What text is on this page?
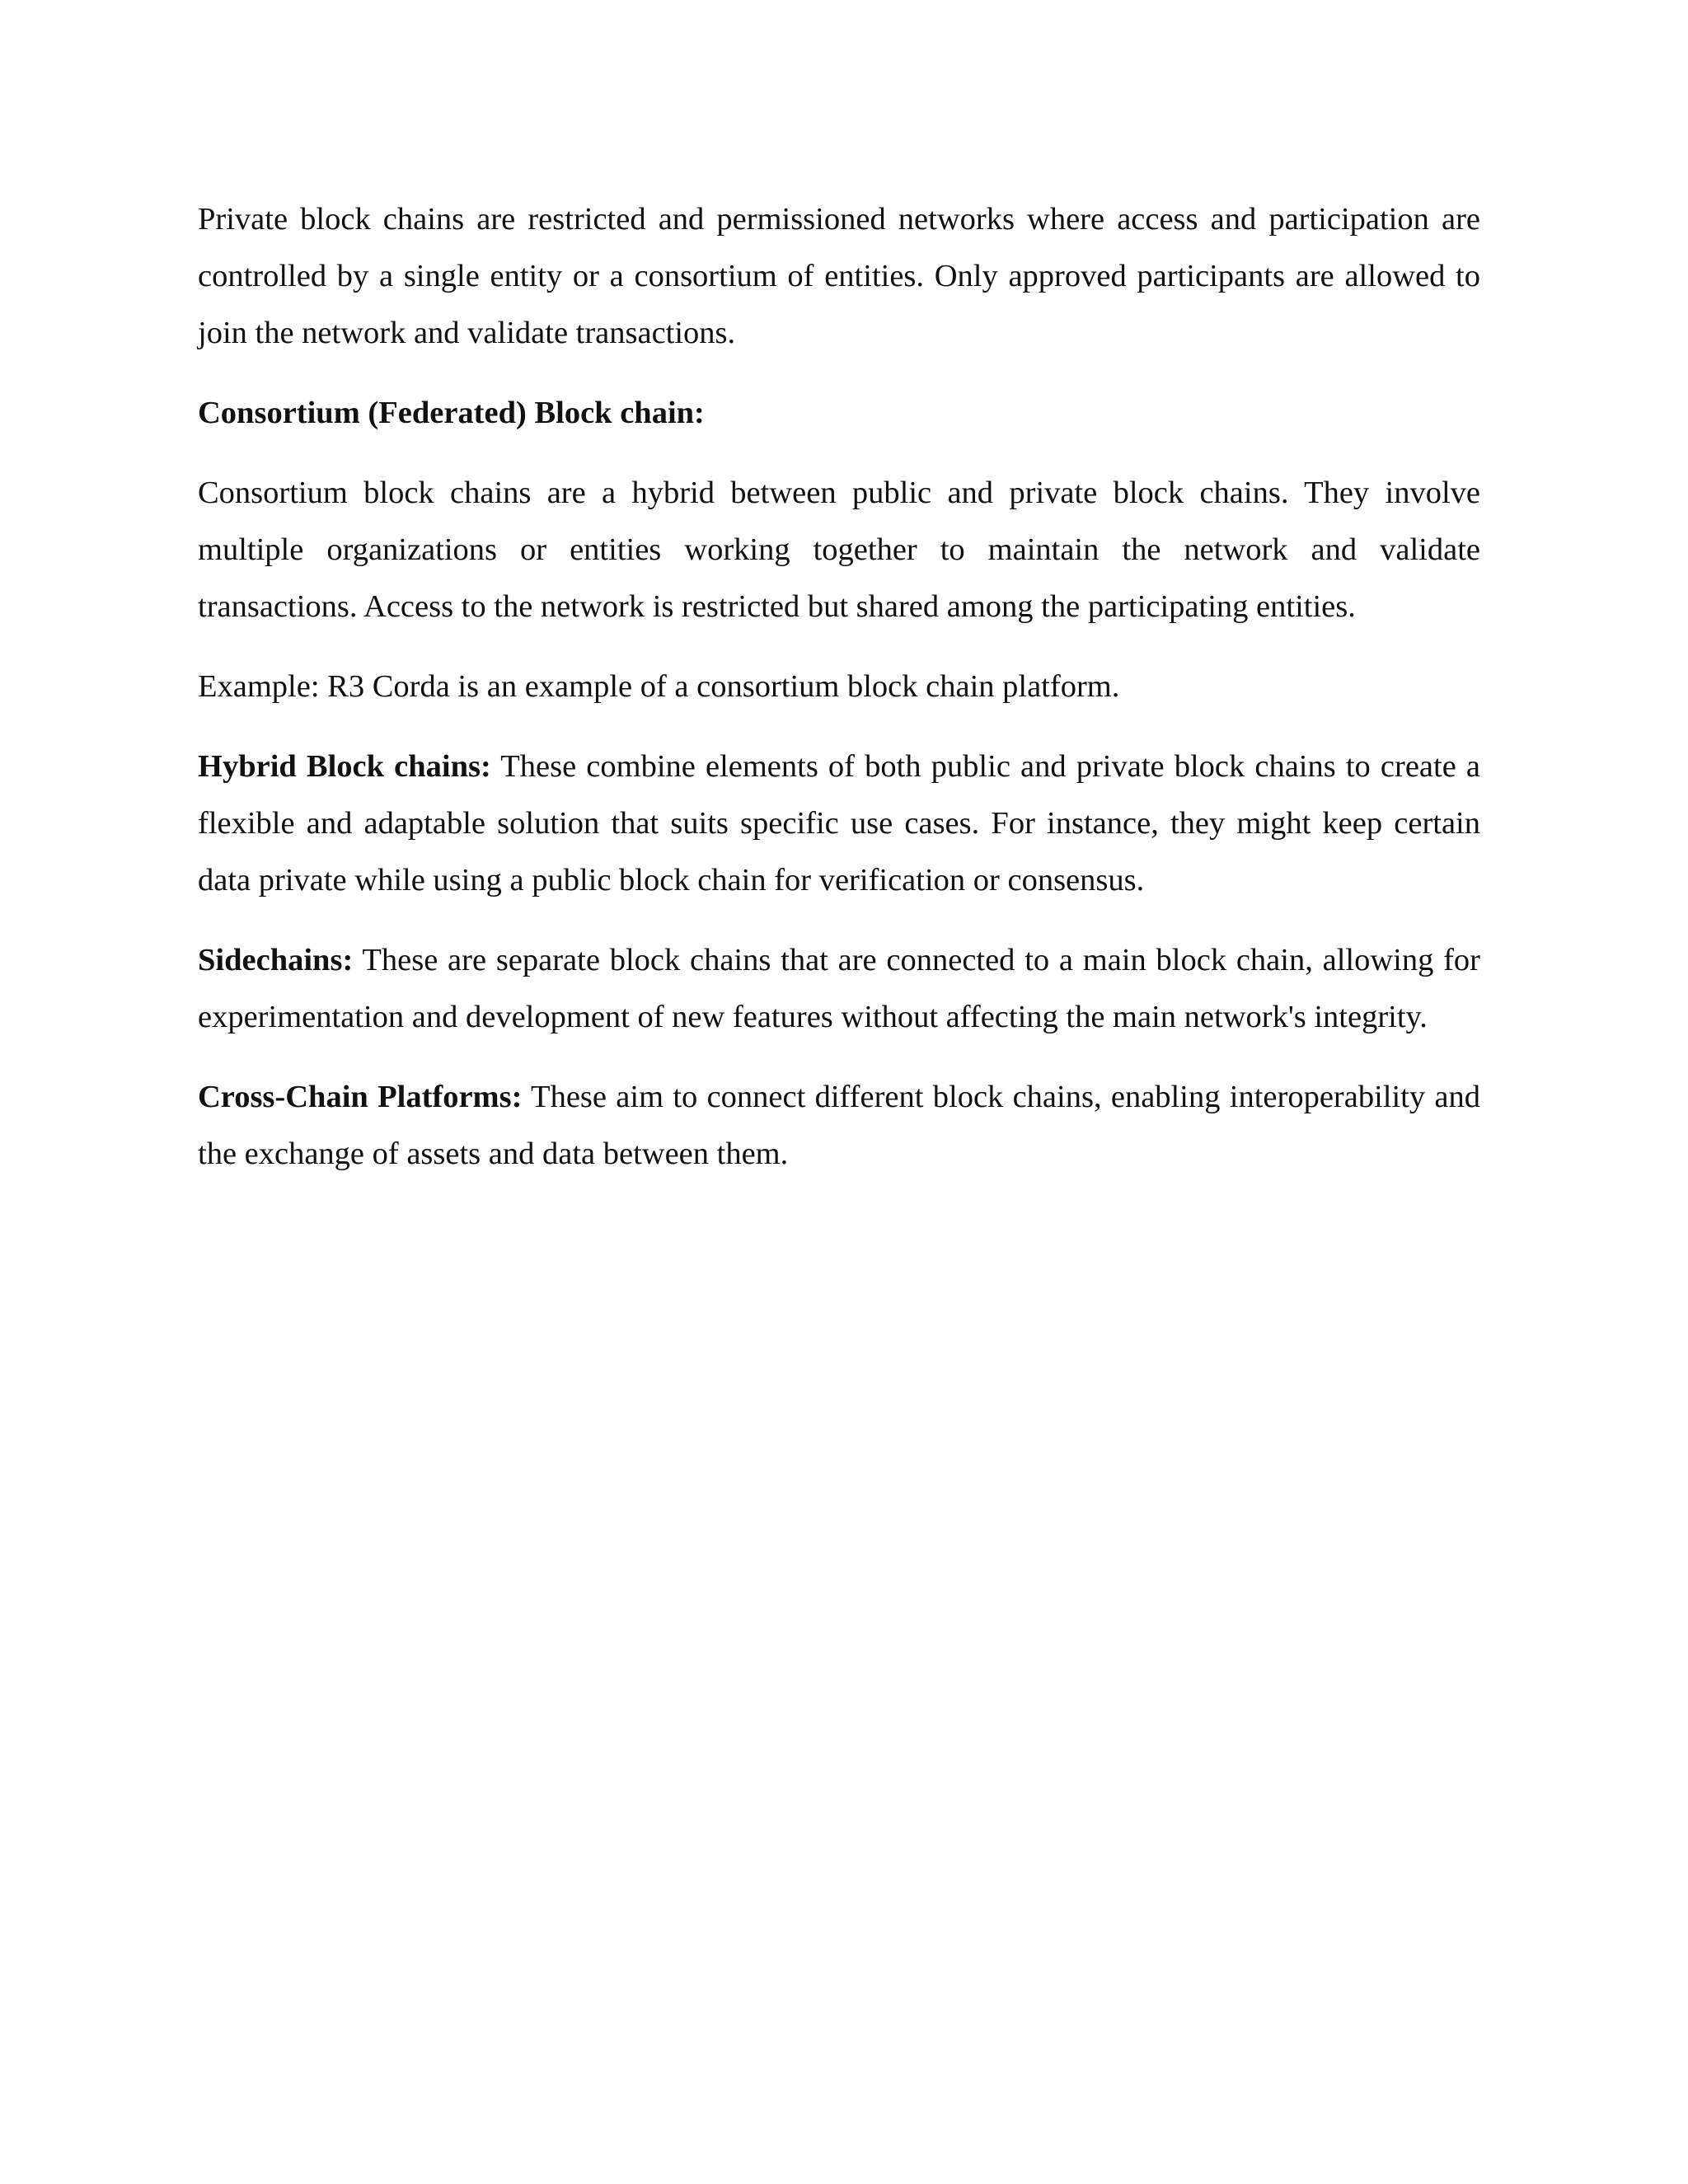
Private block chains are restricted and permissioned networks where access and participation are controlled by a single entity or a consortium of entities. Only approved participants are allowed to join the network and validate transactions.

Consortium (Federated) Block chain:

Consortium block chains are a hybrid between public and private block chains. They involve multiple organizations or entities working together to maintain the network and validate transactions. Access to the network is restricted but shared among the participating entities.

Example: R3 Corda is an example of a consortium block chain platform.

Hybrid Block chains: These combine elements of both public and private block chains to create a flexible and adaptable solution that suits specific use cases. For instance, they might keep certain data private while using a public block chain for verification or consensus.

Sidechains: These are separate block chains that are connected to a main block chain, allowing for experimentation and development of new features without affecting the main network's integrity.

Cross-Chain Platforms: These aim to connect different block chains, enabling interoperability and the exchange of assets and data between them.
